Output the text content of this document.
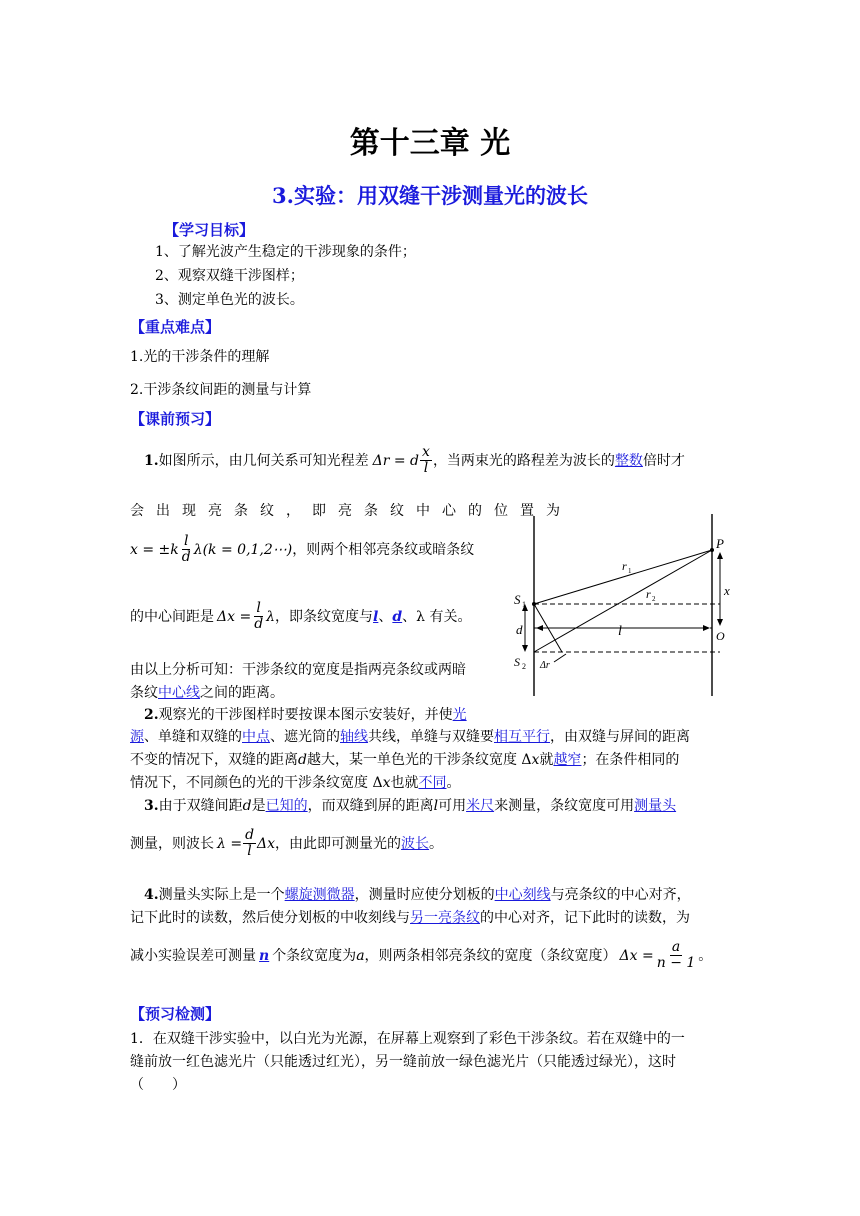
第十三章 光
3.实验：用双缝干涉测量光的波长
【学习目标】
1、了解光波产生稳定的干涉现象的条件；
2、观察双缝干涉图样；
3、测定单色光的波长。
【重点难点】
1.光的干涉条件的理解
2.干涉条纹间距的测量与计算
【课前预习】
1. 如图所示，由几何关系可知光程差 Δr = d $\frac{x}{l}$ ，当两束光的路程差为波长的 整数 倍时才
会出现亮条纹，即亮条纹中心的位置为
$x = \pm k \frac{l}{d} \lambda(k$ = 0,1,2⋯) ，则两个相邻亮条纹或暗条纹
的中心间距是 $\Delta x = \frac{l}{d}$ λ ，即条纹宽度与 l 、 d 、λ 有关。
由以上分析可知：干涉条纹的宽度是指两亮条纹或两暗
条纹中心线之间的距离。
P
S 1
r 1
r 2
x
d	l	O
S 2 Δr
2.观察光的干涉图样时要按课本图示安装好，并使光
源、单缝和双缝的中点、遮光筒的轴线共线，单缝与双缝要相互平行，由双缝与屏间的距离
不变的情况下，双缝的距离d越大，某一单色光的干涉条纹宽度 Δx就越窄；在条件相同的
情况下，不同颜色的光的干涉条纹宽度 Δx也就不同。
3.由于双缝间距d是已知的，而双缝到屏的距离l可用米尺来测量，条纹宽度可用测量头
测量，则波长 $\lambda = \frac{d}{l}$ Δx ，由此即可测量光的 波长 。
4.测量头实际上是一个螺旋测微器，测量时应使分划板的中心刻线与亮条纹的中心对齐，
记下此时的读数，然后使分划板的中收刻线与另一亮条纹的中心对齐，记下此时的读数，为
减小实验误差可测量 n 个条纹宽度为 a ，则两条相邻亮条纹的宽度（条纹宽度） $\Delta x = \frac{a}{n - 1}$ 。
【预习检测】
1．在双缝干涉实验中，以白光为光源，在屏幕上观察到了彩色干涉条纹。若在双缝中的一
缝前放一红色滤光片（只能透过红光），另一缝前放一绿色滤光片（只能透过绿光），这时
（　　）
